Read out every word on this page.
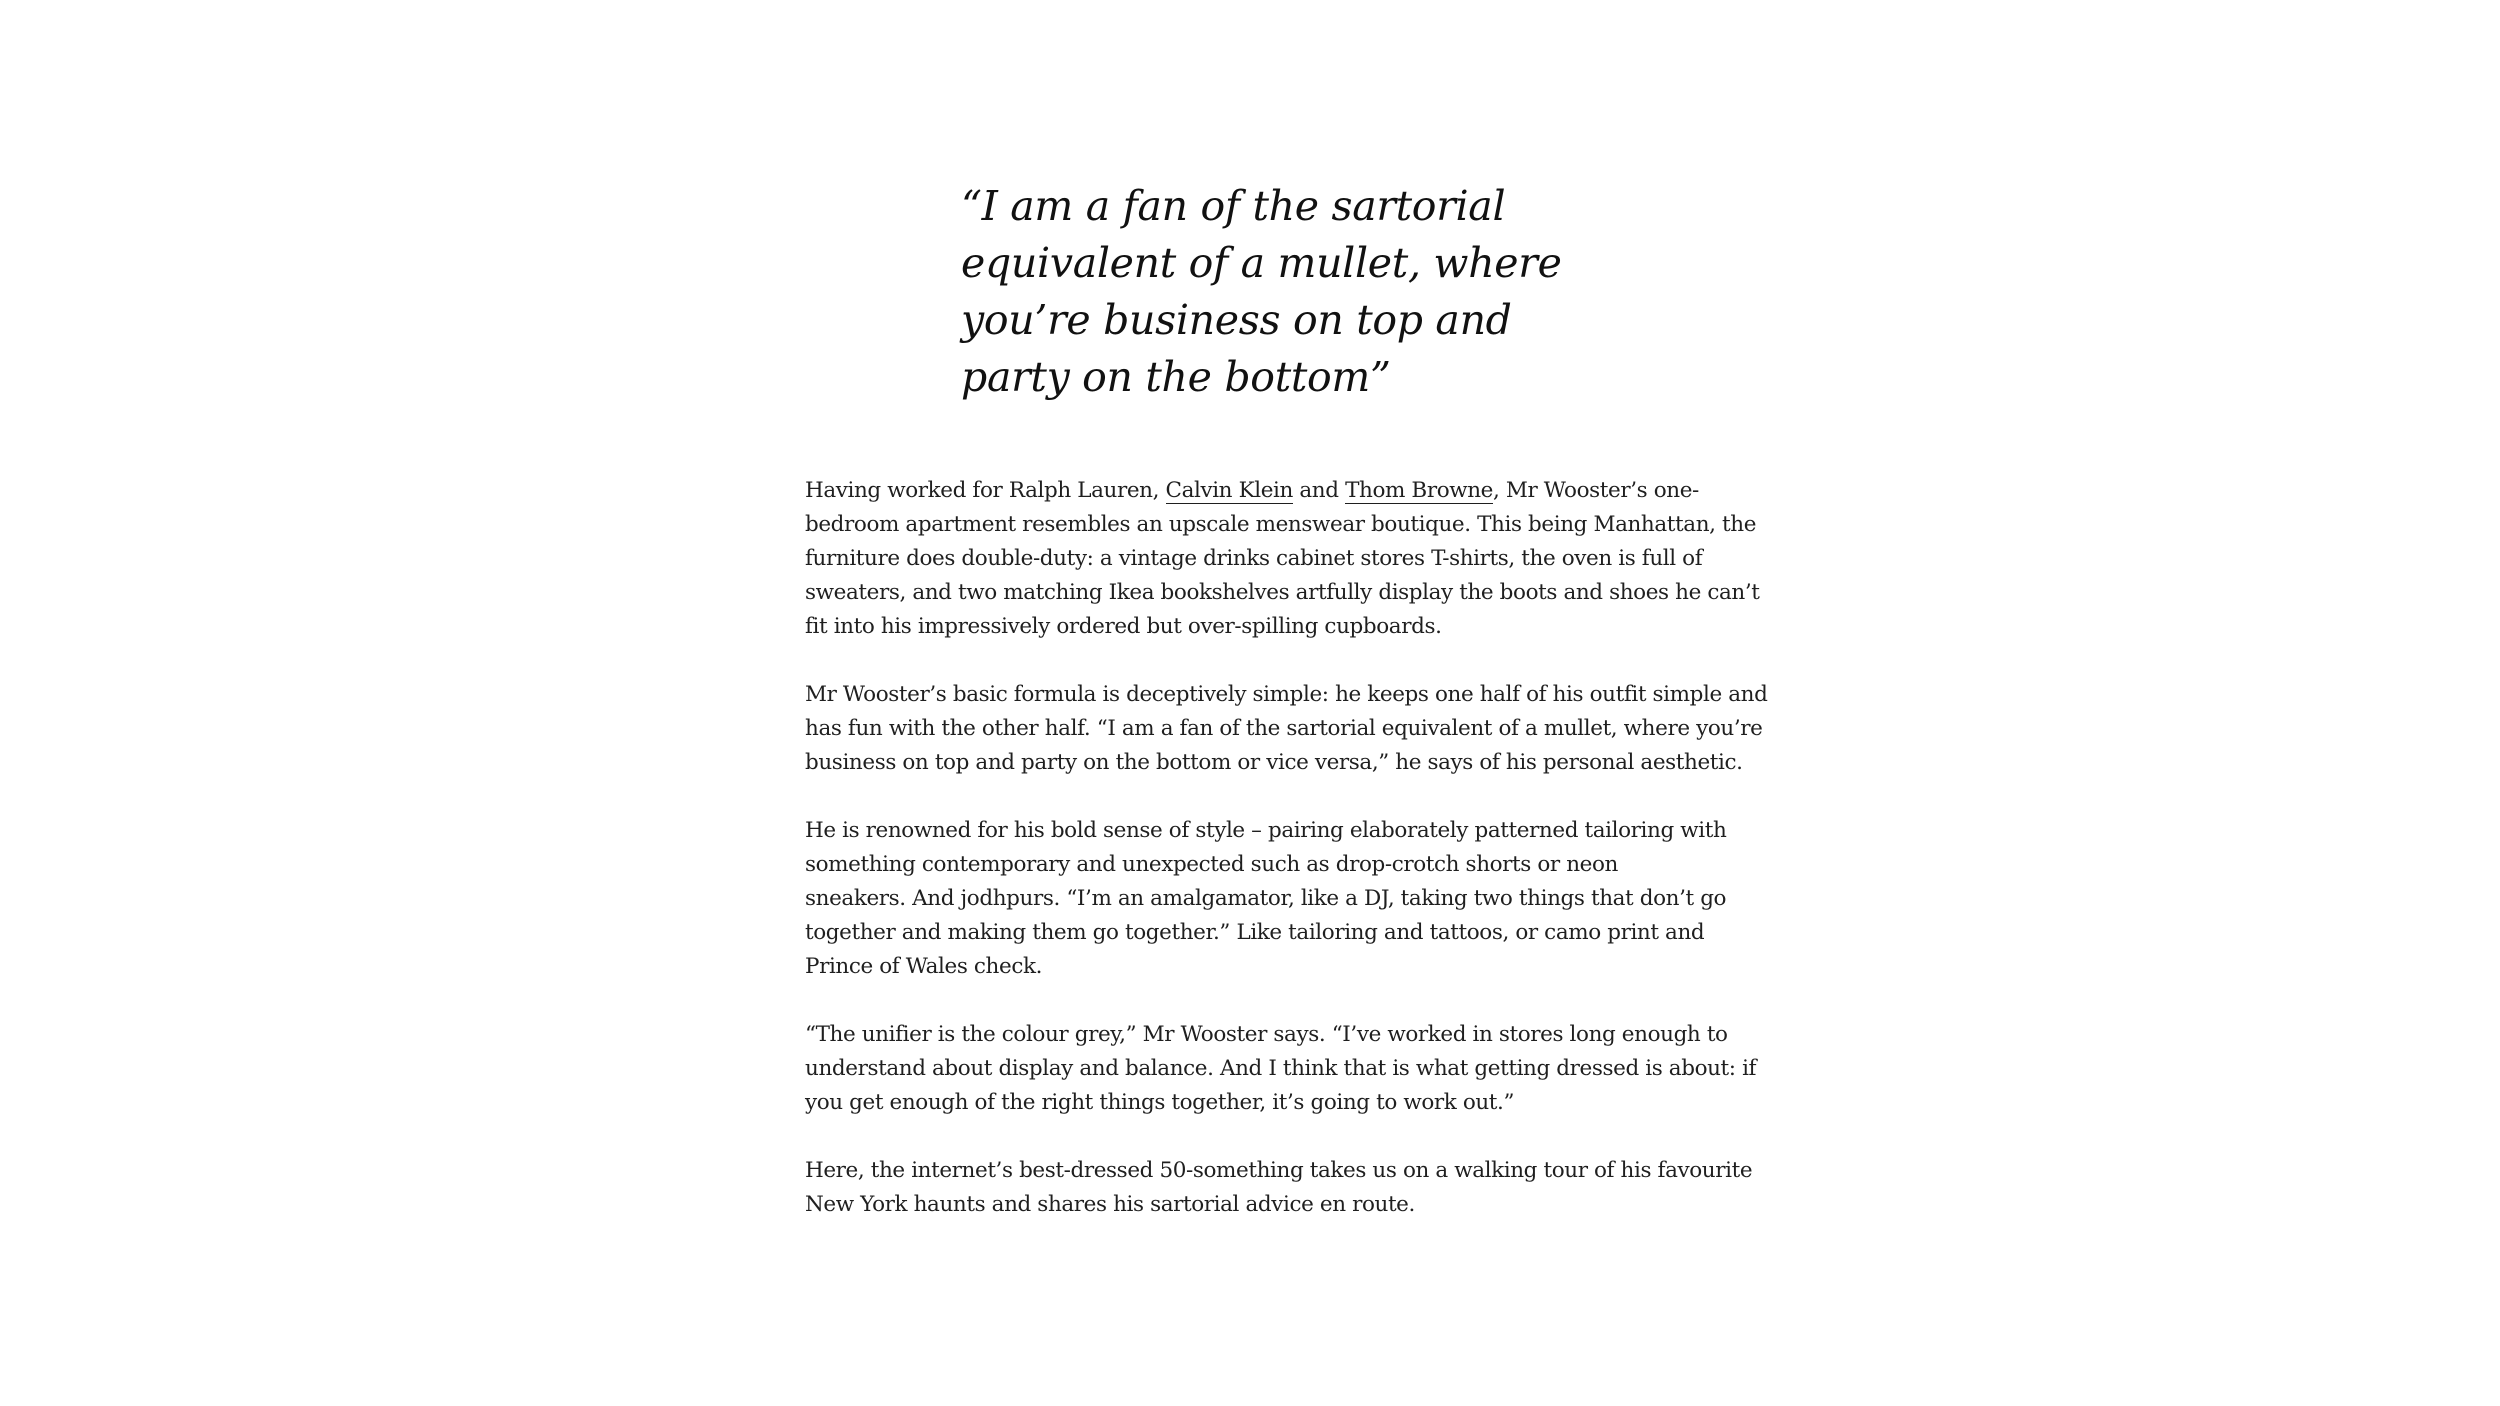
“I am a fan of the sartorial
equivalent of a mullet, where
you’re business on top and
party on the bottom”

Having worked for Ralph Lauren, Calvin Klein and Thom Browne, Mr Wooster’s one-
bedroom apartment resembles an upscale menswear boutique. This being Manhattan, the
furniture does double-duty: a vintage drinks cabinet stores T-shirts, the oven is full of
sweaters, and two matching Ikea bookshelves artfully display the boots and shoes he can’t
fit into his impressively ordered but over-spilling cupboards.

Mr Wooster’s basic formula is deceptively simple: he keeps one half of his outfit simple and
has fun with the other half. “I am a fan of the sartorial equivalent of a mullet, where you’re
business on top and party on the bottom or vice versa,” he says of his personal aesthetic.

He is renowned for his bold sense of style – pairing elaborately patterned tailoring with
something contemporary and unexpected such as drop-crotch shorts or neon
sneakers. And jodhpurs. “I’m an amalgamator, like a DJ, taking two things that don’t go
together and making them go together.” Like tailoring and tattoos, or camo print and
Prince of Wales check.

“The unifier is the colour grey,” Mr Wooster says. “I’ve worked in stores long enough to
understand about display and balance. And I think that is what getting dressed is about: if
you get enough of the right things together, it’s going to work out.”

Here, the internet’s best-dressed 50-something takes us on a walking tour of his favourite
New York haunts and shares his sartorial advice en route.
